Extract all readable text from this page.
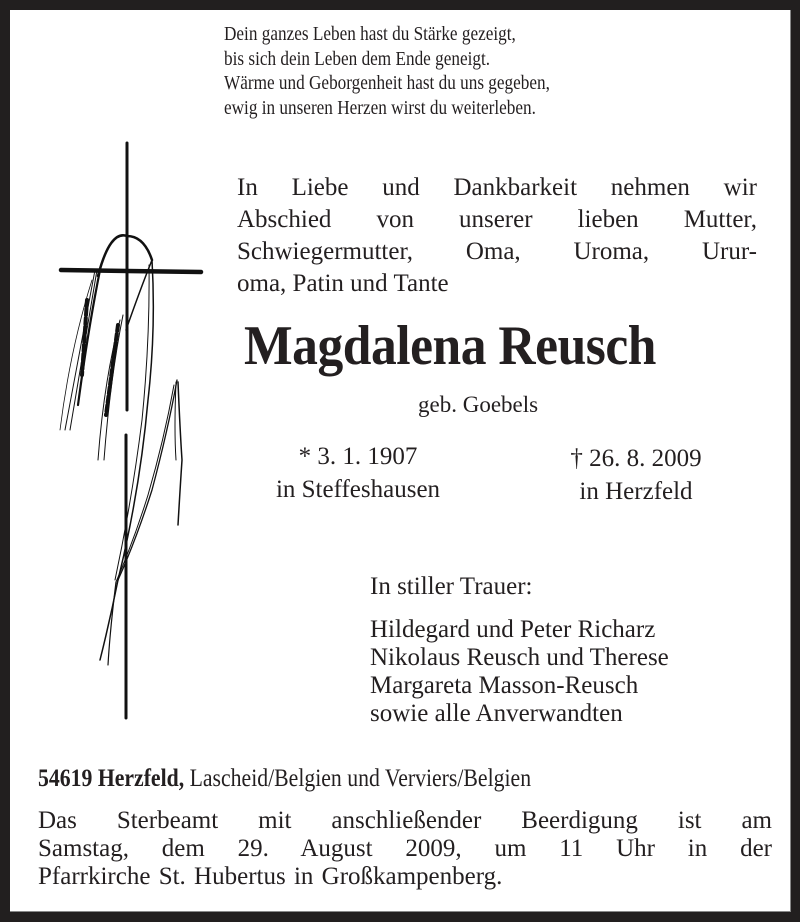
Dein ganzes Leben hast du Stärke gezeigt,
bis sich dein Leben dem Ende geneigt.
Wärme und Geborgenheit hast du uns gegeben,
ewig in unseren Herzen wirst du weiterleben.
In Liebe und Dankbarkeit nehmen wir
Abschied von unserer lieben Mutter,
Schwiegermutter, Oma, Uroma, Urur-
oma, Patin und Tante
Magdalena Reusch
geb. Goebels
* 3. 1. 1907
in Steffeshausen
† 26. 8. 2009
in Herzfeld
In stiller Trauer:
Hildegard und Peter Richarz
Nikolaus Reusch und Therese
Margareta Masson-Reusch
sowie alle Anverwandten
54619 Herzfeld, Lascheid/Belgien und Verviers/Belgien
Das Sterbeamt mit anschließender Beerdigung ist am
Samstag, dem 29. August 2009, um 11 Uhr in der
Pfarrkirche St. Hubertus in Großkampenberg.
